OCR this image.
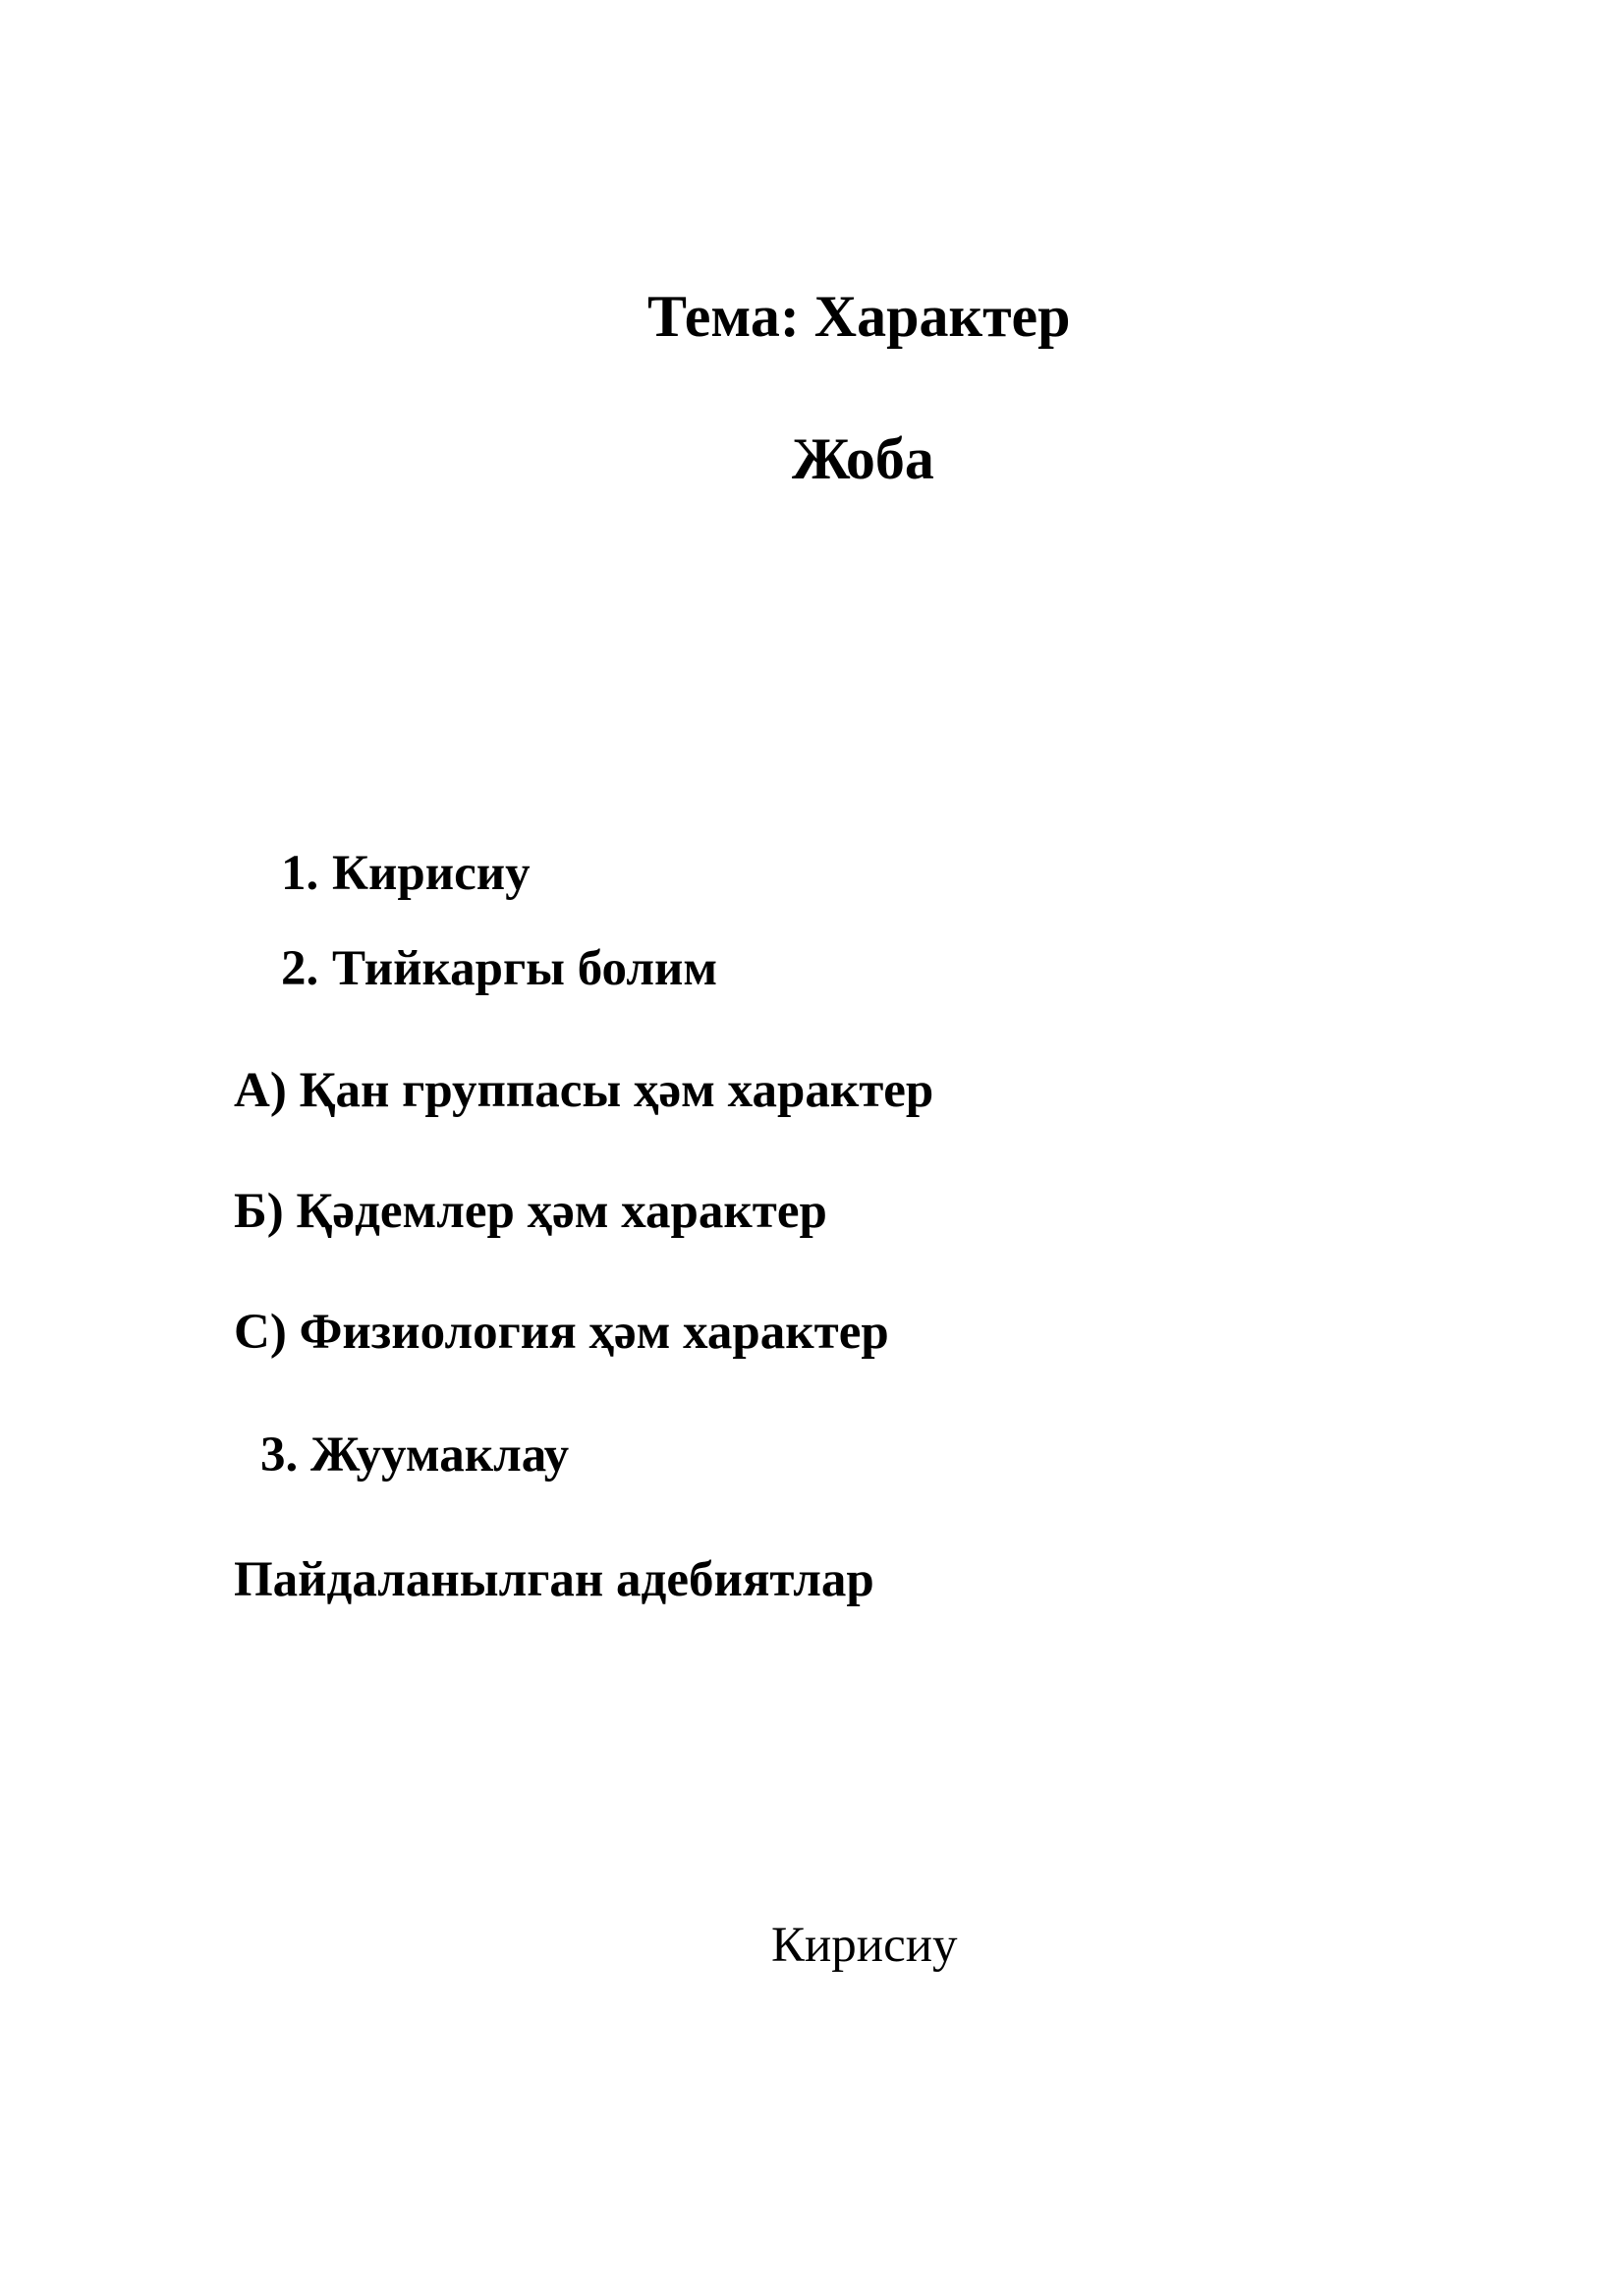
Тема: Характер
Жоба
1. Кирисиу
2. Тийкаргы болим
А) Қан группасы ҳәм характер
Б) Қәдемлер ҳәм характер
С) Физиология ҳәм характер
3. Жуумаклау
Пайдаланылган адебиятлар
Кирисиу
